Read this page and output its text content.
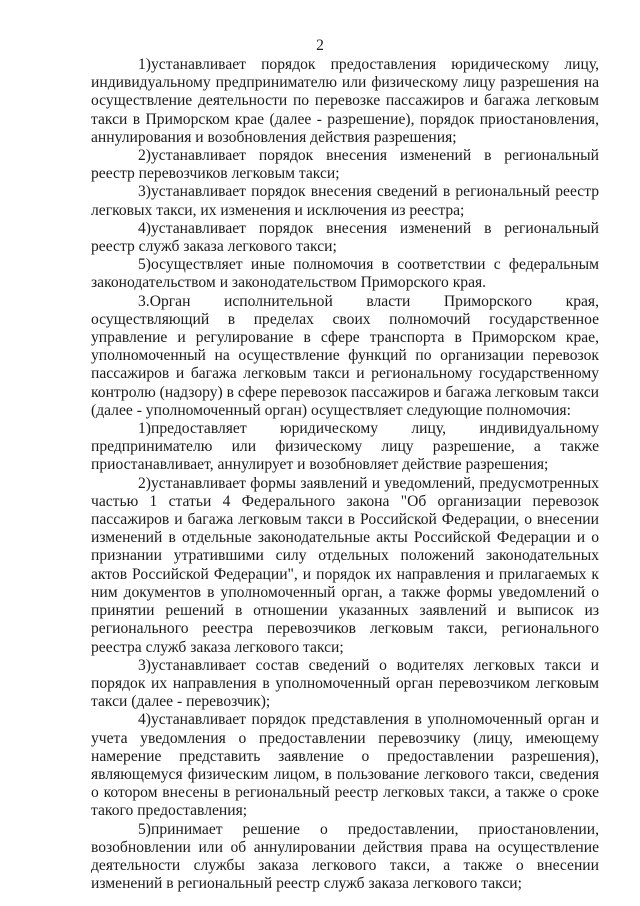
2

1)устанавливает порядок предоставления юридическому лицу, индивидуальному предпринимателю или физическому лицу разрешения на осуществление деятельности по перевозке пассажиров и багажа легковым такси в Приморском крае (далее - разрешение), порядок приостановления, аннулирования и возобновления действия разрешения;

2)устанавливает порядок внесения изменений в региональный реестр перевозчиков легковым такси;

3)устанавливает порядок внесения сведений в региональный реестр легковых такси, их изменения и исключения из реестра;

4)устанавливает порядок внесения изменений в региональный реестр служб заказа легкового такси;

5)осуществляет иные полномочия в соответствии с федеральным законодательством и законодательством Приморского края.

3.Орган исполнительной власти Приморского края, осуществляющий в пределах своих полномочий государственное управление и регулирование в сфере транспорта в Приморском крае, уполномоченный на осуществление функций по организации перевозок пассажиров и багажа легковым такси и региональному государственному контролю (надзору) в сфере перевозок пассажиров и багажа легковым такси (далее - уполномоченный орган) осуществляет следующие полномочия:

1)предоставляет юридическому лицу, индивидуальному предпринимателю или физическому лицу разрешение, а также приостанавливает, аннулирует и возобновляет действие разрешения;

2)устанавливает формы заявлений и уведомлений, предусмотренных частью 1 статьи 4 Федерального закона "Об организации перевозок пассажиров и багажа легковым такси в Российской Федерации, о внесении изменений в отдельные законодательные акты Российской Федерации и о признании утратившими силу отдельных положений законодательных актов Российской Федерации", и порядок их направления и прилагаемых к ним документов в уполномоченный орган, а также формы уведомлений о принятии решений в отношении указанных заявлений и выписок из регионального реестра перевозчиков легковым такси, регионального реестра служб заказа легкового такси;

3)устанавливает состав сведений о водителях легковых такси и порядок их направления в уполномоченный орган перевозчиком легковым такси (далее - перевозчик);

4)устанавливает порядок представления в уполномоченный орган и учета уведомления о предоставлении перевозчику (лицу, имеющему намерение представить заявление о предоставлении разрешения), являющемуся физическим лицом, в пользование легкового такси, сведения о котором внесены в региональный реестр легковых такси, а также о сроке такого предоставления;

5)принимает решение о предоставлении, приостановлении, возобновлении или об аннулировании действия права на осуществление деятельности службы заказа легкового такси, а также о внесении изменений в региональный реестр служб заказа легкового такси;
